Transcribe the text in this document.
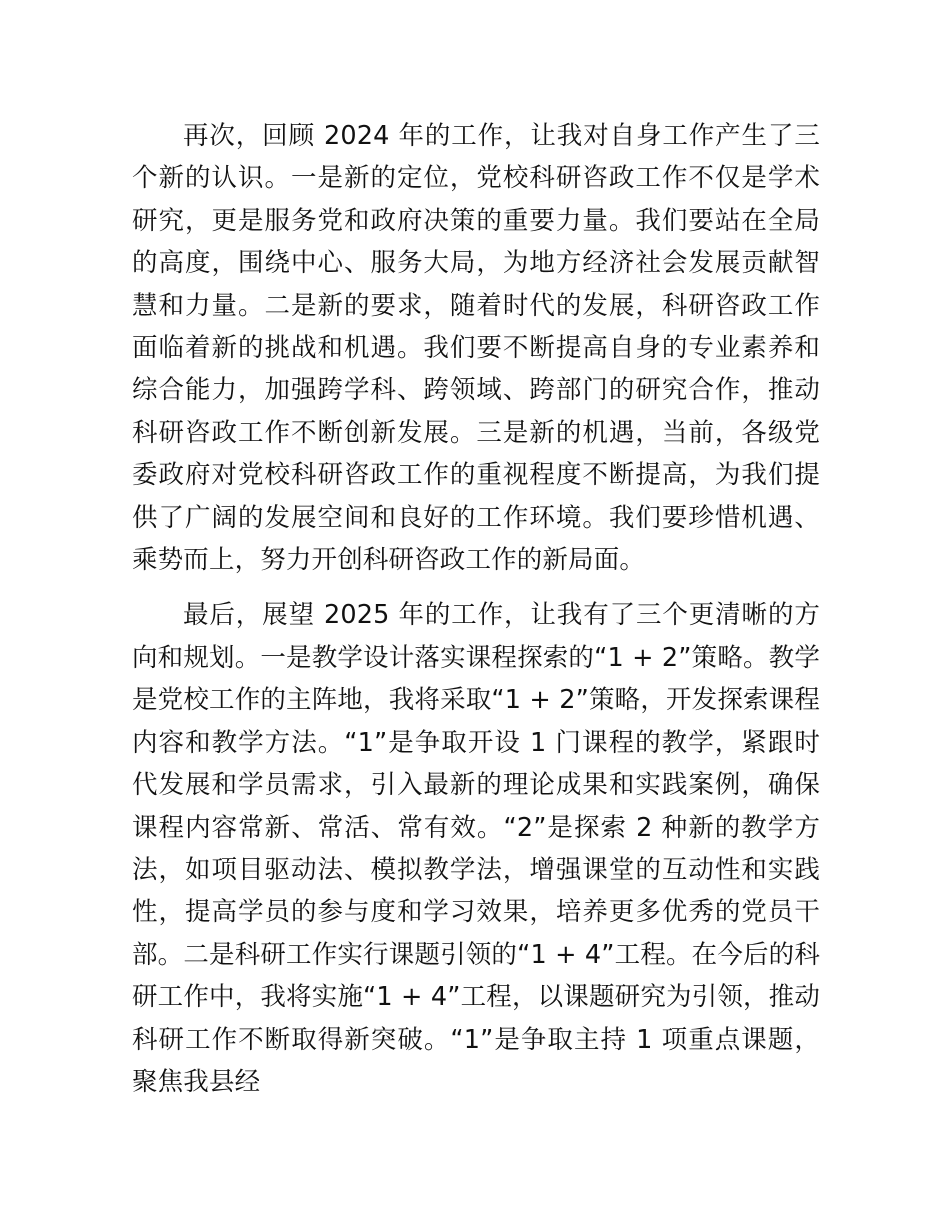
再次，回顾 2024 年的工作，让我对自身工作产生了三个新的认识。一是新的定位，党校科研咨政工作不仅是学术研究，更是服务党和政府决策的重要力量。我们要站在全局的高度，围绕中心、服务大局，为地方经济社会发展贡献智慧和力量。二是新的要求，随着时代的发展，科研咨政工作面临着新的挑战和机遇。我们要不断提高自身的专业素养和综合能力，加强跨学科、跨领域、跨部门的研究合作，推动科研咨政工作不断创新发展。三是新的机遇，当前，各级党委政府对党校科研咨政工作的重视程度不断提高，为我们提供了广阔的发展空间和良好的工作环境。我们要珍惜机遇、乘势而上，努力开创科研咨政工作的新局面。

最后，展望 2025 年的工作，让我有了三个更清晰的方向和规划。一是教学设计落实课程探索的“1 + 2”策略。教学是党校工作的主阵地，我将采取“1 + 2”策略，开发探索课程内容和教学方法。“1”是争取开设 1 门课程的教学，紧跟时代发展和学员需求，引入最新的理论成果和实践案例，确保课程内容常新、常活、常有效。“2”是探索 2 种新的教学方法，如项目驱动法、模拟教学法，增强课堂的互动性和实践性，提高学员的参与度和学习效果，培养更多优秀的党员干部。二是科研工作实行课题引领的“1 + 4”工程。在今后的科研工作中，我将实施“1 + 4”工程，以课题研究为引领，推动科研工作不断取得新突破。“1”是争取主持 1 项重点课题，聚焦我县经
